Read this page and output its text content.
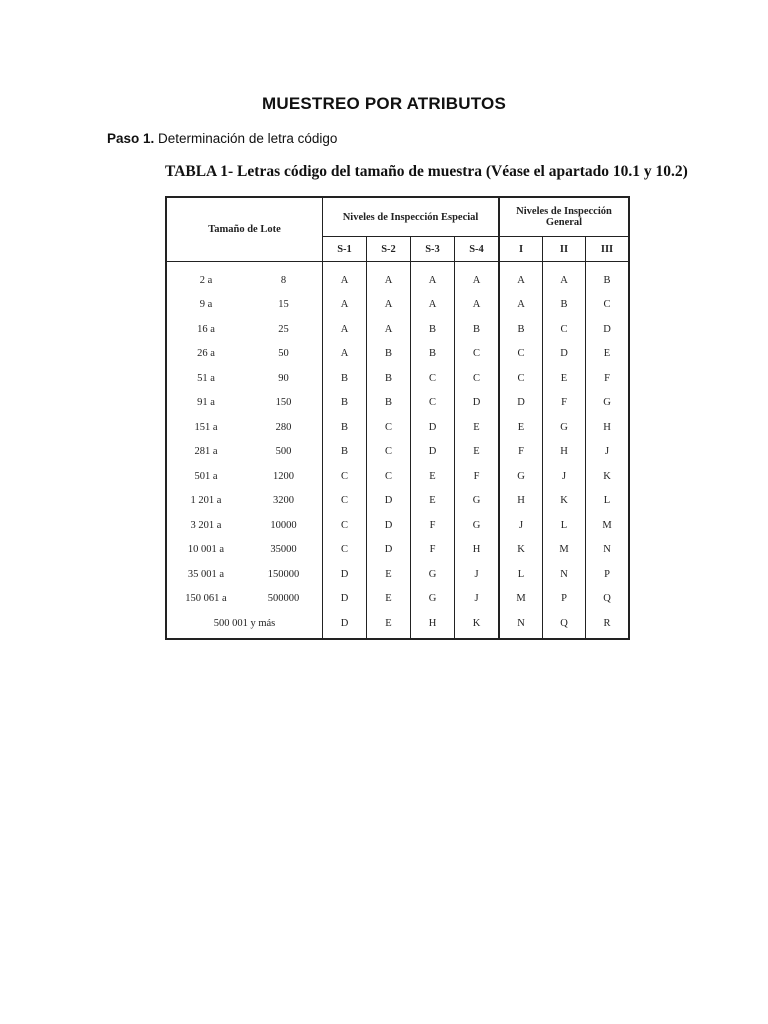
MUESTREO POR ATRIBUTOS
Paso 1. Determinación de letra código
TABLA 1- Letras código del tamaño de muestra (Véase el apartado 10.1 y 10.2)
Tamaño de Lote	Niveles de Inspección Especial				Niveles de Inspección General		
	S-1	S-2	S-3	S-4	I	II	III

2 a 8	A	A	A	A	A	A	B

9 a 15	A	A	A	A	A	B	C

16 a 25	A	A	B	B	B	C	D

26 a 50	A	B	B	C	C	D	E

51 a 90	B	B	C	C	C	E	F

91 a 150	B	B	C	D	D	F	G

151 a 280	B	C	D	E	E	G	H

281 a 500	B	C	D	E	F	H	J

501 a 1200	C	C	E	F	G	J	K

1 201 a 3200	C	D	E	G	H	K	L

3 201 a 10000	C	D	F	G	J	L	M

10 001 a 35000	C	D	F	H	K	M	N

35 001 a 150000	D	E	G	J	L	N	P

150 061 a 500000	D	E	G	J	M	P	Q

500 001 y más	D	E	H	K	N	Q	R
